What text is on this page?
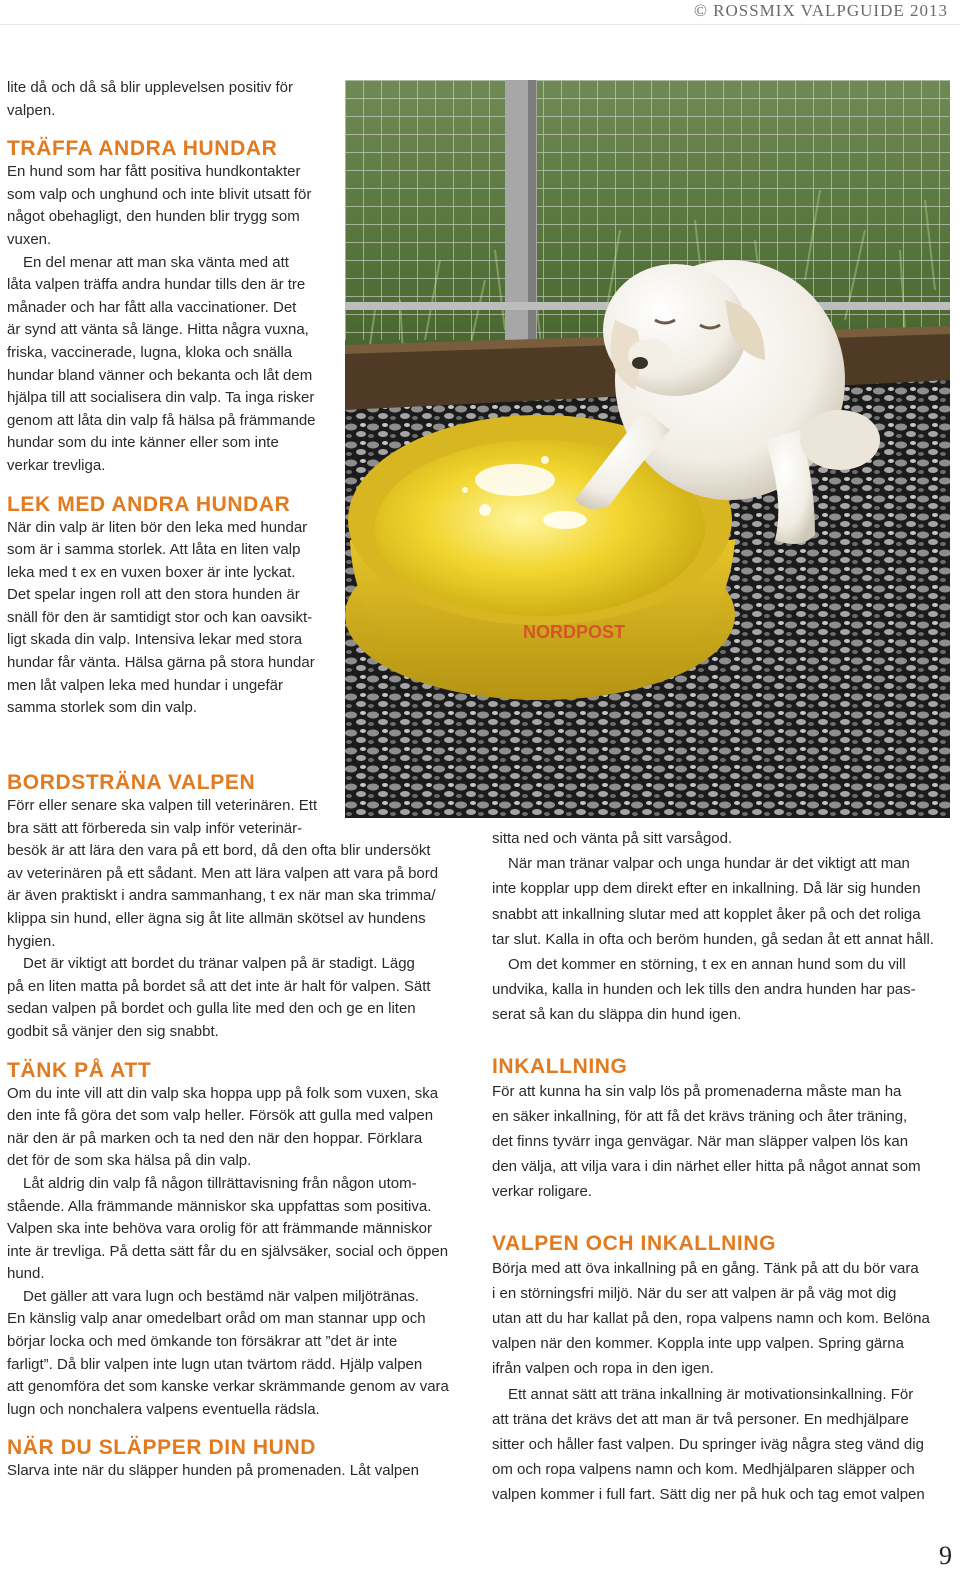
© ROSSMIX VALPGUIDE 2013
NORDPOST

lite då och då så blir upplevelsen positiv för

valpen.

TRÄFFA ANDRA HUNDAR

En hund som har fått positiva hundkontakter

som valp och unghund och inte blivit utsatt för

något obehagligt, den hunden blir trygg som

vuxen.

En del menar att man ska vänta med att

låta valpen träffa andra hundar tills den är tre

månader och har fått alla vaccinationer. Det

är synd att vänta så länge. Hitta några vuxna,

friska, vaccinerade, lugna, kloka och snälla

hundar bland vänner och bekanta och låt dem

hjälpa till att socialisera din valp. Ta inga risker

genom att låta din valp få hälsa på främmande

hundar som du inte känner eller som inte

verkar trevliga.

LEK MED ANDRA HUNDAR

När din valp är liten bör den leka med hundar

som är i samma storlek. Att låta en liten valp

leka med t ex en vuxen boxer är inte lyckat.

Det spelar ingen roll att den stora hunden är

snäll för den är samtidigt stor och kan oavsikt-

ligt skada din valp. Intensiva lekar med stora

hundar får vänta. Hälsa gärna på stora hundar

men låt valpen leka med hundar i ungefär

samma storlek som din valp.

BORDSTRÄNA VALPEN

Förr eller senare ska valpen till veterinären. Ett

bra sätt att förbereda sin valp inför veterinär-

besök är att lära den vara på ett bord, då den ofta blir undersökt

av veterinären på ett sådant. Men att lära valpen att vara på bord

är även praktiskt i andra sammanhang, t ex när man ska trimma/

klippa sin hund, eller ägna sig åt lite allmän skötsel av hundens

hygien.

Det är viktigt att bordet du tränar valpen på är stadigt. Lägg

på en liten matta på bordet så att det inte är halt för valpen. Sätt

sedan valpen på bordet och gulla lite med den och ge en liten

godbit så vänjer den sig snabbt.

TÄNK PÅ ATT

Om du inte vill att din valp ska hoppa upp på folk som vuxen, ska

den inte få göra det som valp heller. Försök att gulla med valpen

när den är på marken och ta ned den när den hoppar. Förklara

det för de som ska hälsa på din valp.

Låt aldrig din valp få någon tillrättavisning från någon utom-

stående. Alla främmande människor ska uppfattas som positiva.

Valpen ska inte behöva vara orolig för att främmande människor

inte är trevliga. På detta sätt får du en självsäker, social och öppen

hund.

Det gäller att vara lugn och bestämd när valpen miljötränas.

En känslig valp anar omedelbart oråd om man stannar upp och

börjar locka och med ömkande ton försäkrar att ”det är inte

farligt”. Då blir valpen inte lugn utan tvärtom rädd. Hjälp valpen

att genomföra det som kanske verkar skrämmande genom av vara

lugn och nonchalera valpens eventuella rädsla.

NÄR DU SLÄPPER DIN HUND

Slarva inte när du släpper hunden på promenaden. Låt valpen

sitta ned och vänta på sitt varsågod.

När man tränar valpar och unga hundar är det viktigt att man

inte kopplar upp dem direkt efter en inkallning. Då lär sig hunden

snabbt att inkallning slutar med att kopplet åker på och det roliga

tar slut. Kalla in ofta och beröm hunden, gå sedan åt ett annat håll.

Om det kommer en störning, t ex en annan hund som du vill

undvika, kalla in hunden och lek tills den andra hunden har pas-

serat så kan du släppa din hund igen.

INKALLNING

För att kunna ha sin valp lös på promenaderna måste man ha

en säker inkallning, för att få det krävs träning och åter träning,

det finns tyvärr inga genvägar. När man släpper valpen lös kan

den välja, att vilja vara i din närhet eller hitta på något annat som

verkar roligare.

VALPEN OCH INKALLNING

Börja med att öva inkallning på en gång. Tänk på att du bör vara

i en störningsfri miljö. När du ser att valpen är på väg mot dig

utan att du har kallat på den, ropa valpens namn och kom. Belöna

valpen när den kommer. Koppla inte upp valpen. Spring gärna

ifrån valpen och ropa in den igen.

Ett annat sätt att träna inkallning är motivationsinkallning. För

att träna det krävs det att man är två personer. En medhjälpare

sitter och håller fast valpen. Du springer iväg några steg vänd dig

om och ropa valpens namn och kom. Medhjälparen släpper och

valpen kommer i full fart. Sätt dig ner på huk och tag emot valpen

9
